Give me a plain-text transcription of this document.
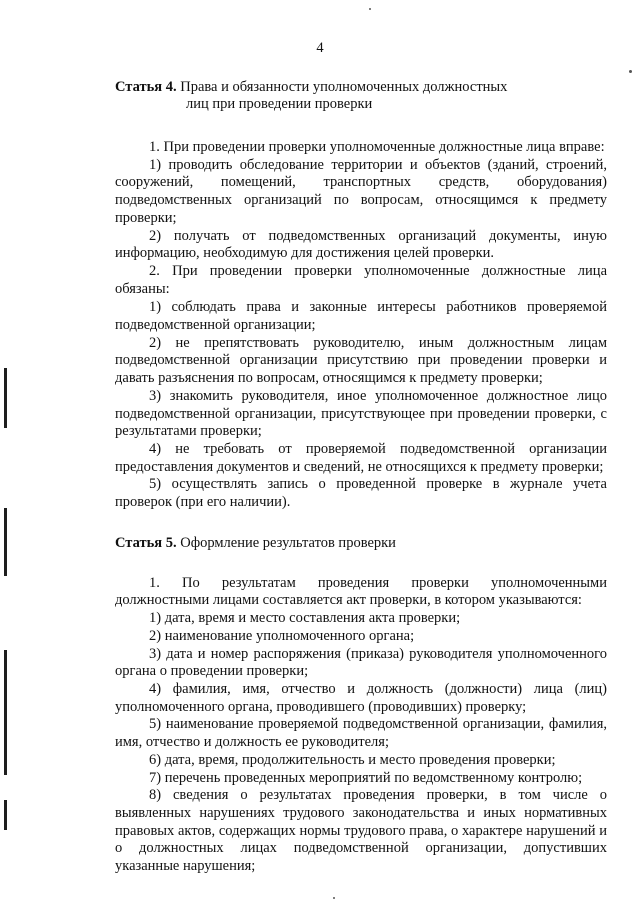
4
Статья 4. Права и обязанности уполномоченных должностных
лиц при проведении проверки

1. При проведении проверки уполномоченные должностные лица вправе:

1) проводить обследование территории и объектов (зданий, строений, сооружений, помещений, транспортных средств, оборудования) подведомственных организаций по вопросам, относящимся к предмету проверки;

2) получать от подведомственных организаций документы, иную информацию, необходимую для достижения целей проверки.

2. При проведении проверки уполномоченные должностные лица обязаны:

1) соблюдать права и законные интересы работников проверяемой подведомственной организации;

2) не препятствовать руководителю, иным должностным лицам подведомственной организации присутствию при проведении проверки и давать разъяснения по вопросам, относящимся к предмету проверки;

3) знакомить руководителя, иное уполномоченное должностное лицо подведомственной организации, присутствующее при проведении проверки, с результатами проверки;

4) не требовать от проверяемой подведомственной организации предоставления документов и сведений, не относящихся к предмету проверки;

5) осуществлять запись о проведенной проверке в журнале учета проверок (при его наличии).

Статья 5. Оформление результатов проверки

1. По результатам проведения проверки уполномоченными должностными лицами составляется акт проверки, в котором указываются:

1) дата, время и место составления акта проверки;

2) наименование уполномоченного органа;

3) дата и номер распоряжения (приказа) руководителя уполномоченного органа о проведении проверки;

4) фамилия, имя, отчество и должность (должности) лица (лиц) уполномоченного органа, проводившего (проводивших) проверку;

5) наименование проверяемой подведомственной организации, фамилия, имя, отчество и должность ее руководителя;

6) дата, время, продолжительность и место проведения проверки;

7) перечень проведенных мероприятий по ведомственному контролю;

8) сведения о результатах проведения проверки, в том числе о выявленных нарушениях трудового законодательства и иных нормативных правовых актов, содержащих нормы трудового права, о характере нарушений и о должностных лицах подведомственной организации, допустивших указанные нарушения;
